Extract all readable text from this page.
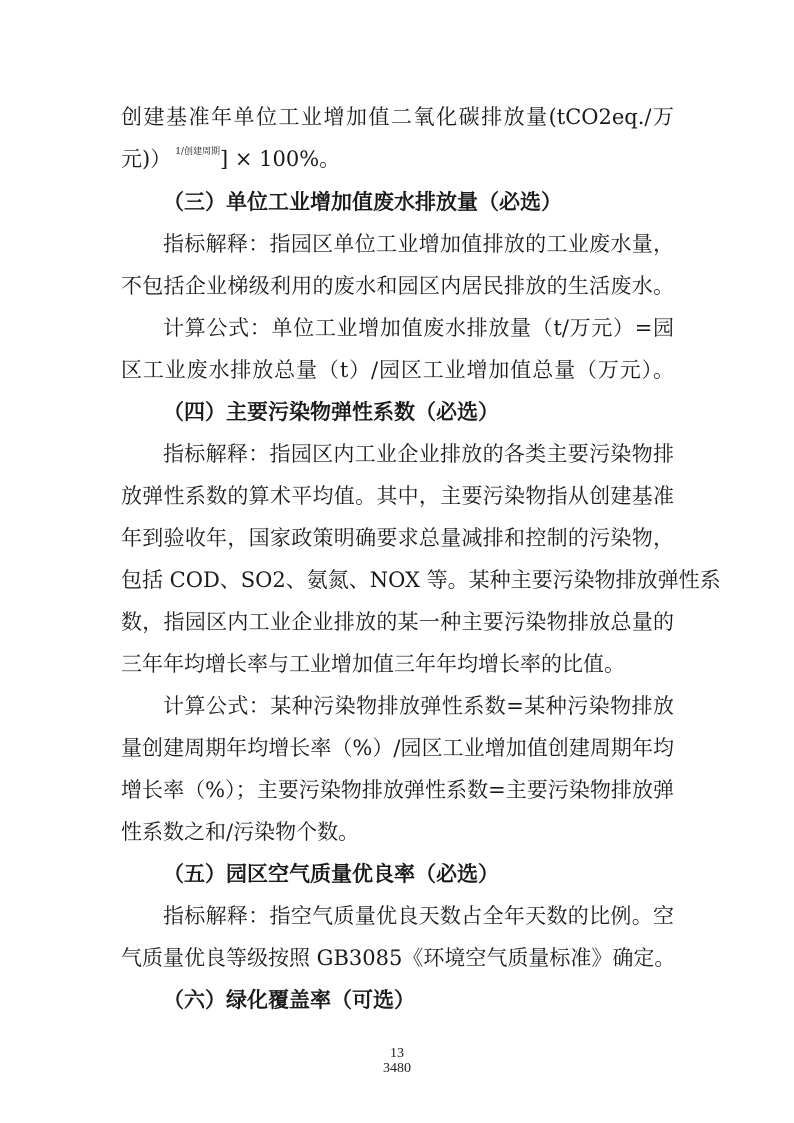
创建基准年单位工业增加值二氧化碳排放量(tCO2eq./万
元)） $^{1/创建周期}$] × 100%。
（三）单位工业增加值废水排放量（必选）
指标解释：指园区单位工业增加值排放的工业废水量，
不包括企业梯级利用的废水和园区内居民排放的生活废水。
计算公式：单位工业增加值废水排放量（t/万元）=园
区工业废水排放总量（t）/园区工业增加值总量（万元）。
（四）主要污染物弹性系数（必选）
指标解释：指园区内工业企业排放的各类主要污染物排
放弹性系数的算术平均值。其中，主要污染物指从创建基准
年到验收年，国家政策明确要求总量减排和控制的污染物，
包括 COD、SO2、氨氮、NOX 等。某种主要污染物排放弹性系
数，指园区内工业企业排放的某一种主要污染物排放总量的
三年年均增长率与工业增加值三年年均增长率的比值。
计算公式：某种污染物排放弹性系数=某种污染物排放
量创建周期年均增长率（%）/园区工业增加值创建周期年均
增长率（%）；主要污染物排放弹性系数=主要污染物排放弹
性系数之和/污染物个数。
（五）园区空气质量优良率（必选）
指标解释：指空气质量优良天数占全年天数的比例。空
气质量优良等级按照 GB3085《环境空气质量标准》确定。
（六）绿化覆盖率（可选）
13
3480
